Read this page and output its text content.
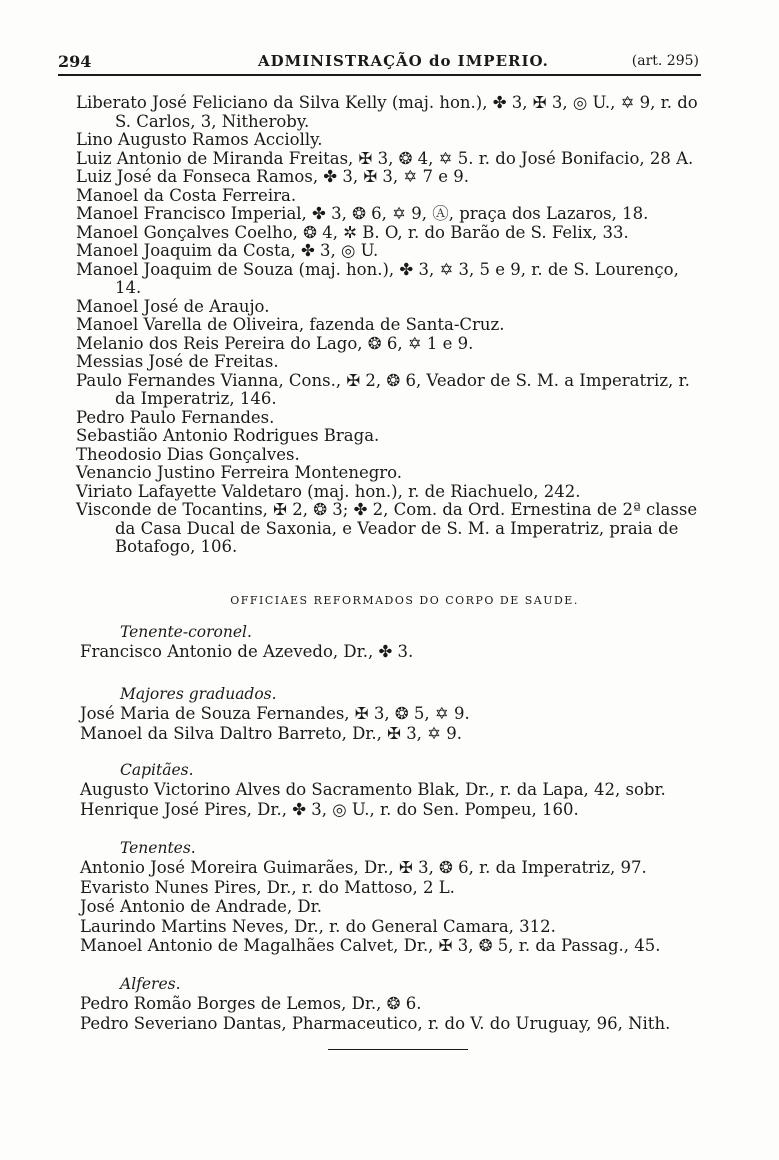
294	ADMINISTRAÇÃO do IMPERIO.	(art. 295)

Liberato José Feliciano da Silva Kelly (maj. hon.), ✤ 3, ✠ 3, ◎ U., ✡ 9, r. do S. Carlos, 3, Nitheroby.

Lino Augusto Ramos Acciolly.

Luiz Antonio de Miranda Freitas, ✠ 3, ❂ 4, ✡ 5. r. do José Bonifacio, 28 A.

Luiz José da Fonseca Ramos, ✤ 3, ✠ 3, ✡ 7 e 9.

Manoel da Costa Ferreira.

Manoel Francisco Imperial, ✤ 3, ❂ 6, ✡ 9, Ⓐ, praça dos Lazaros, 18.

Manoel Gonçalves Coelho, ❂ 4, ✲ B. O, r. do Barão de S. Felix, 33.

Manoel Joaquim da Costa, ✤ 3, ◎ U.

Manoel Joaquim de Souza (maj. hon.), ✤ 3, ✡ 3, 5 e 9, r. de S. Lourenço, 14.

Manoel José de Araujo.

Manoel Varella de Oliveira, fazenda de Santa-Cruz.

Melanio dos Reis Pereira do Lago, ❂ 6, ✡ 1 e 9.

Messias José de Freitas.

Paulo Fernandes Vianna, Cons., ✠ 2, ❂ 6, Veador de S. M. a Imperatriz, r. da Imperatriz, 146.

Pedro Paulo Fernandes.

Sebastião Antonio Rodrigues Braga.

Theodosio Dias Gonçalves.

Venancio Justino Ferreira Montenegro.

Viriato Lafayette Valdetaro (maj. hon.), r. de Riachuelo, 242.

Visconde de Tocantins, ✠ 2, ❂ 3; ✤ 2, Com. da Ord. Ernestina de 2ª classe da Casa Ducal de Saxonia, e Veador de S. M. a Imperatriz, praia de Botafogo, 106.

OFFICIAES REFORMADOS DO CORPO DE SAUDE.

Tenente-coronel.

Francisco Antonio de Azevedo, Dr., ✤ 3.

Majores graduados.

José Maria de Souza Fernandes, ✠ 3, ❂ 5, ✡ 9.

Manoel da Silva Daltro Barreto, Dr., ✠ 3, ✡ 9.

Capitães.

Augusto Victorino Alves do Sacramento Blak, Dr., r. da Lapa, 42, sobr.

Henrique José Pires, Dr., ✤ 3, ◎ U., r. do Sen. Pompeu, 160.

Tenentes.

Antonio José Moreira Guimarães, Dr., ✠ 3, ❂ 6, r. da Imperatriz, 97.

Evaristo Nunes Pires, Dr., r. do Mattoso, 2 L.

José Antonio de Andrade, Dr.

Laurindo Martins Neves, Dr., r. do General Camara, 312.

Manoel Antonio de Magalhães Calvet, Dr., ✠ 3, ❂ 5, r. da Passag., 45.

Alferes.

Pedro Romão Borges de Lemos, Dr., ❂ 6.

Pedro Severiano Dantas, Pharmaceutico, r. do V. do Uruguay, 96, Nith.
